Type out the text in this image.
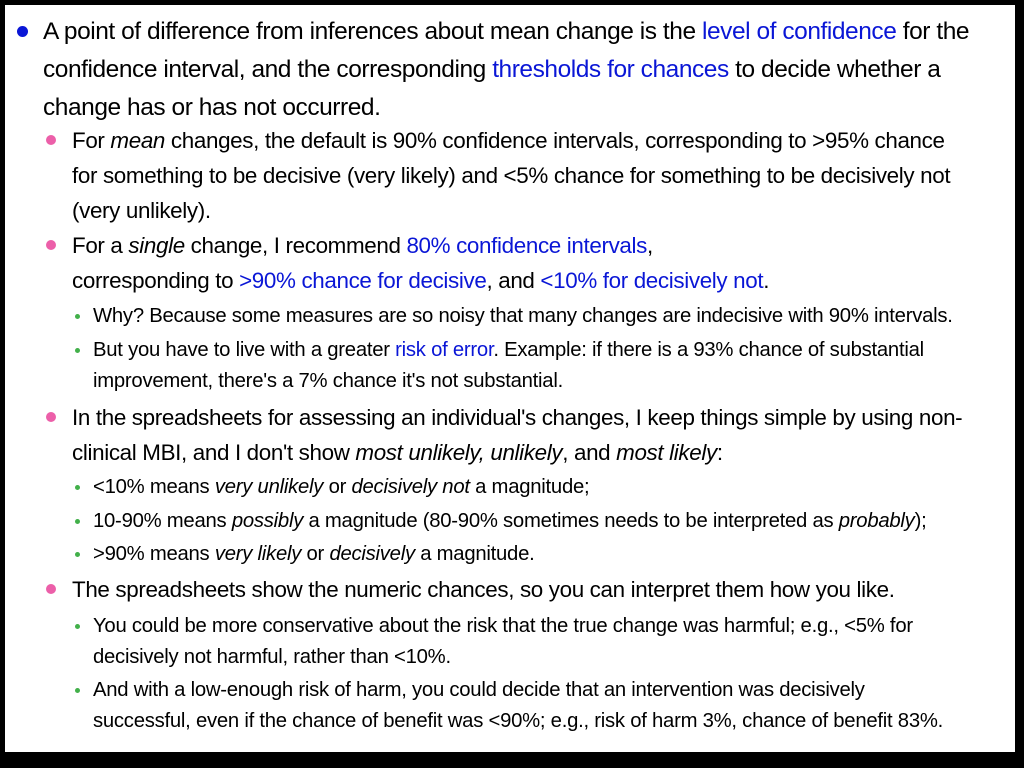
A point of difference from inferences about mean change is the level of confidence for the
confidence interval, and the corresponding thresholds for chances to decide whether a
change has or has not occurred.
For mean changes, the default is 90% confidence intervals, corresponding to >95% chance
for something to be decisive (very likely) and <5% chance for something to be decisively not
(very unlikely).
For a single change, I recommend 80% confidence intervals,
corresponding to >90% chance for decisive, and <10% for decisively not.
Why? Because some measures are so noisy that many changes are indecisive with 90% intervals.
But you have to live with a greater risk of error. Example: if there is a 93% chance of substantial
improvement, there's a 7% chance it's not substantial.
In the spreadsheets for assessing an individual's changes, I keep things simple by using non-
clinical MBI, and I don't show most unlikely, unlikely, and most likely:
<10% means very unlikely or decisively not a magnitude;
10-90% means possibly a magnitude (80-90% sometimes needs to be interpreted as probably);
>90% means very likely or decisively a magnitude.
The spreadsheets show the numeric chances, so you can interpret them how you like.
You could be more conservative about the risk that the true change was harmful; e.g., <5% for
decisively not harmful, rather than <10%.
And with a low-enough risk of harm, you could decide that an intervention was decisively
successful, even if the chance of benefit was <90%; e.g., risk of harm 3%, chance of benefit 83%.
